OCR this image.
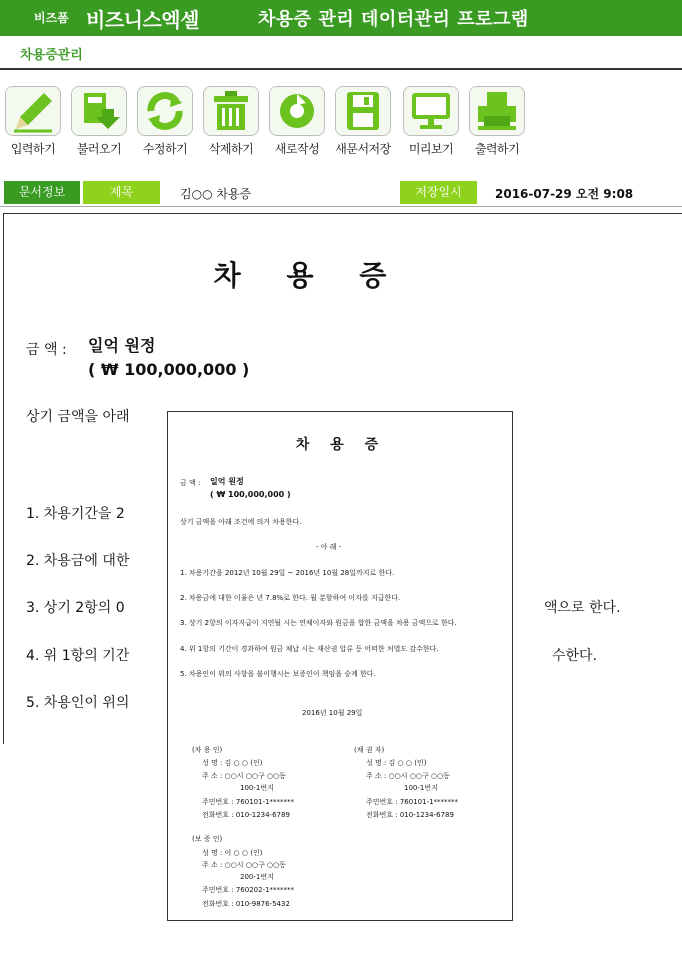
비즈폼 비즈니스엑셀	차용증 관리 데이터관리 프로그램
차용증관리
입력하기	불러오기	수정하기	삭제하기	새로작성	새문서저장	미리보기	출력하기
문서정보	제목	김○○ 차용증	저장일시	2016-07-29 오전 9:08
차 용 증
금 액 : 일억 원정
( ₩ 100,000,000 )
상기 금액을 아래
1. 차용기간을 2
2. 차용금에 대한
3. 상기 2항의 0	액으로 한다.
4. 위 1항의 기간	수한다.
5. 차용인이 위의
차 용 증
금 액 : 일억 원정
( ₩ 100,000,000 )
상기 금액을 아래 조건에 의거 차용한다.
- 아 래 -
1. 차용기간을 2012년 10월 29일 ~ 2016년 10월 28일까지로 한다.
2. 차용금에 대한 이율은 년 7.8%로 한다. 월 분할하여 이자를 지급한다.
3. 상기 2항의 이자지급이 지연될 시는 연체이자와 원금을 합한 금액을 차용 금액으로 한다.
4. 위 1항의 기간이 경과하여 원금 체납 시는 재산권 압류 등 어떠한 처벌도 감수한다.
5. 차용인이 위의 사항을 불이행시는 보증인이 책임을 승계 한다.
2016년 10월 29일
(차 용 인)
성 명 : 김 ○ ○ (인)
주 소 : ○○시 ○○구 ○○동
100-1번지
주민번호 : 760101-1*******
전화번호 : 010-1234-6789
(채 권 자)
성 명 : 김 ○ ○ (인)
주 소 : ○○시 ○○구 ○○동
100-1번지
주민번호 : 760101-1*******
전화번호 : 010-1234-6789
(보 증 인)
성 명 : 이 ○ ○ (인)
주 소 : ○○시 ○○구 ○○동
200-1번지
주민번호 : 760202-1*******
전화번호 : 010-9876-5432
